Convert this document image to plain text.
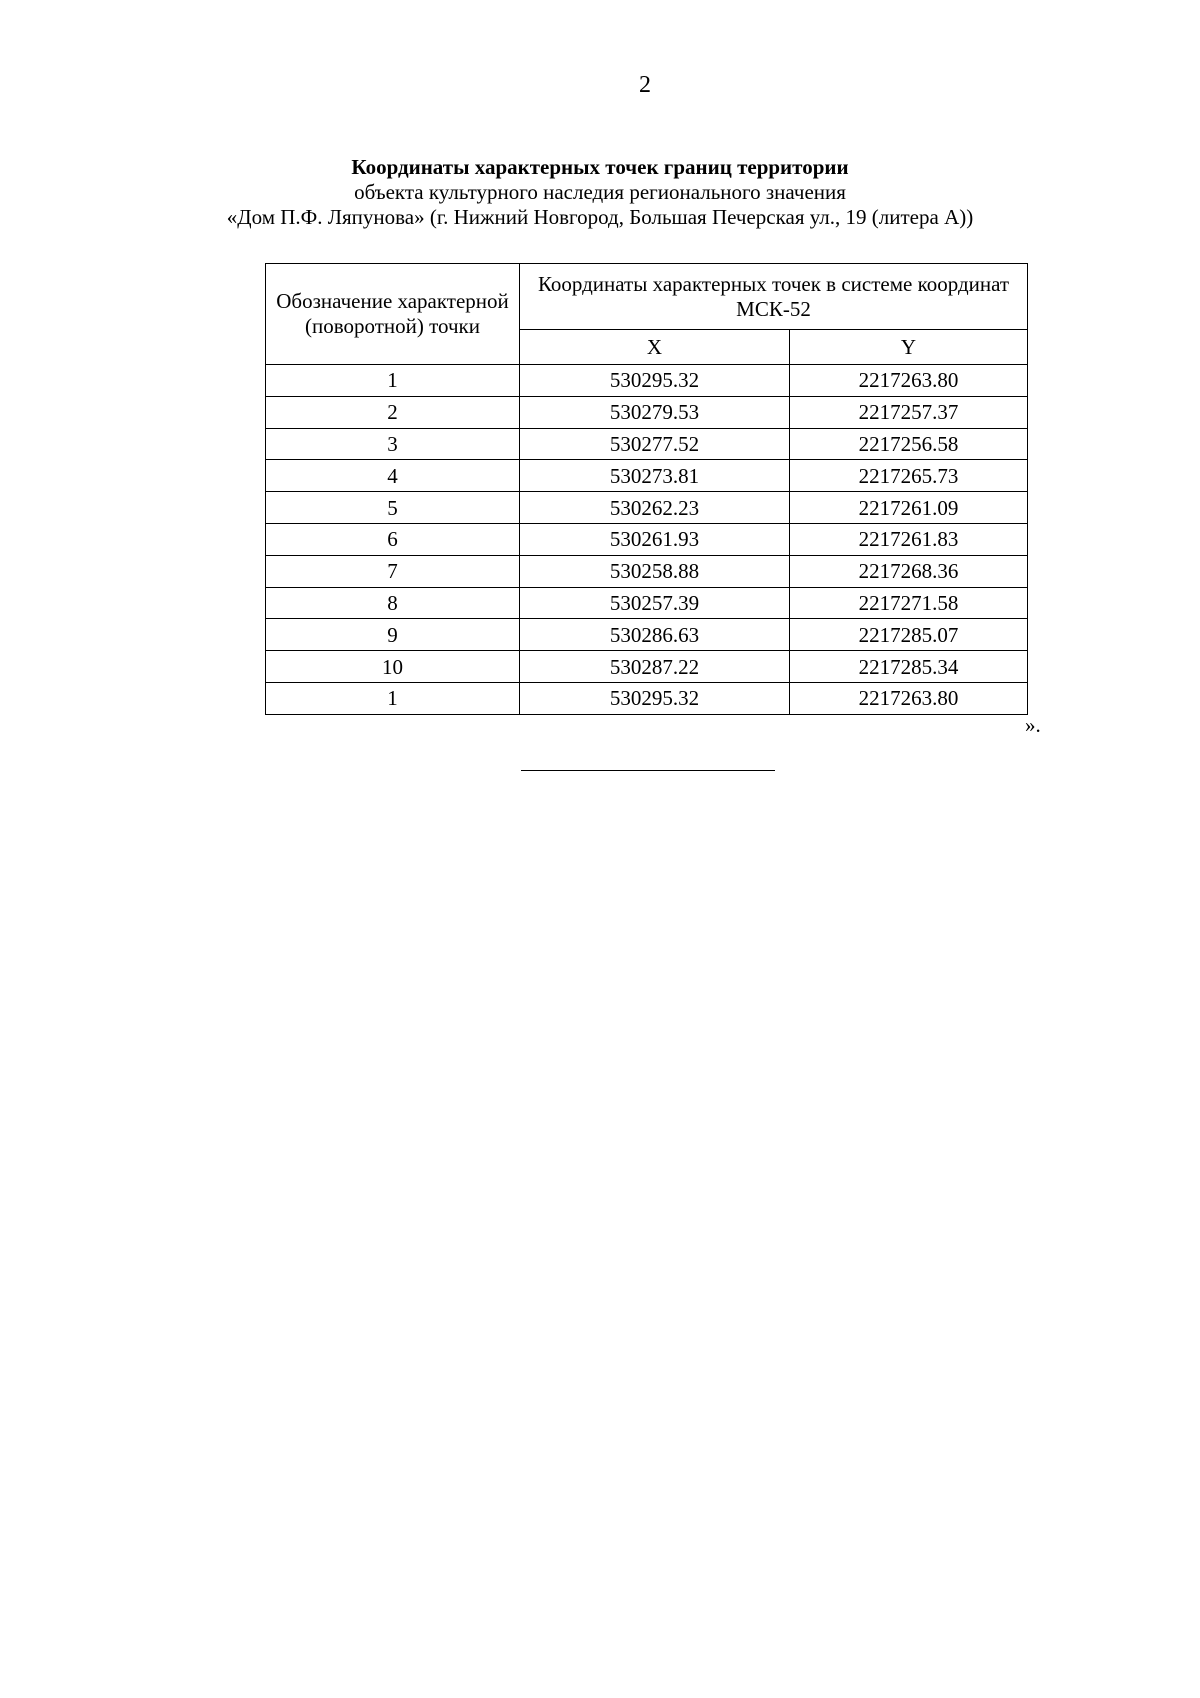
2
Координаты характерных точек границ территории
объекта культурного наследия регионального значения
«Дом П.Ф. Ляпунова» (г. Нижний Новгород, Большая Печерская ул., 19 (литера А))
Обозначение характерной (поворотной) точки	Координаты характерных точек в системе координат МСК-52	
	X	Y
1	530295.32	2217263.80
2	530279.53	2217257.37
3	530277.52	2217256.58
4	530273.81	2217265.73
5	530262.23	2217261.09
6	530261.93	2217261.83
7	530258.88	2217268.36
8	530257.39	2217271.58
9	530286.63	2217285.07
10	530287.22	2217285.34
1	530295.32	2217263.80
».
